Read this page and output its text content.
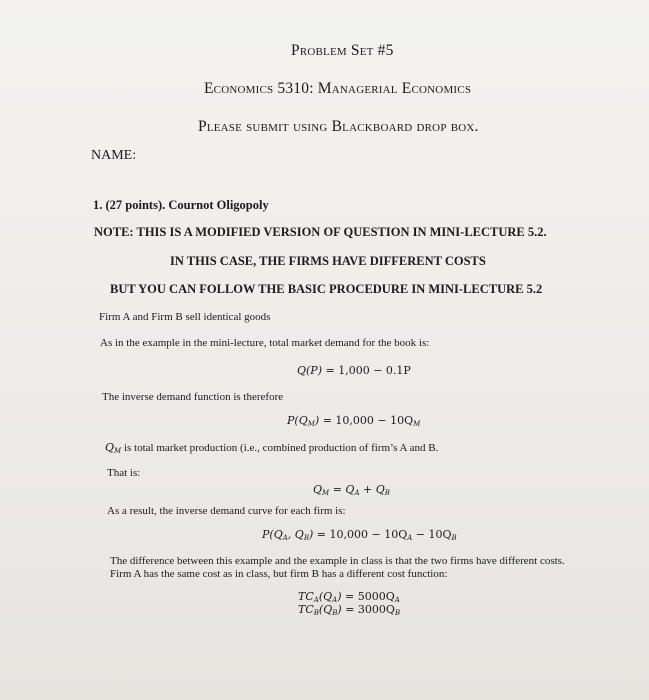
Problem Set #5
Economics 5310: Managerial Economics
Please submit using Blackboard drop box.
NAME:
1. (27 points). Cournot Oligopoly
NOTE: THIS IS A MODIFIED VERSION OF QUESTION IN MINI-LECTURE 5.2.
IN THIS CASE, THE FIRMS HAVE DIFFERENT COSTS
BUT YOU CAN FOLLOW THE BASIC PROCEDURE IN MINI-LECTURE 5.2
Firm A and Firm B sell identical goods
As in the example in the mini-lecture, total market demand for the book is:
Q(P) = 1,000 − 0.1P
The inverse demand function is therefore
$P(Q_M) = 10,000 - 10Q_M$
$Q_M$ is total market production (i.e., combined production of firm’s A and B.
That is:
$Q_M = Q_A + Q_B$
As a result, the inverse demand curve for each firm is:
$P(Q_A$, $Q_B) = 10,000 - 10Q_A - 10Q_B$
The difference between this example and the example in class is that the two firms have different costs.
Firm A has the same cost as in class, but firm B has a different cost function:
$TC_A(Q_A) = 5000Q_A$
$TC_B(Q_B) = 3000Q_B$
